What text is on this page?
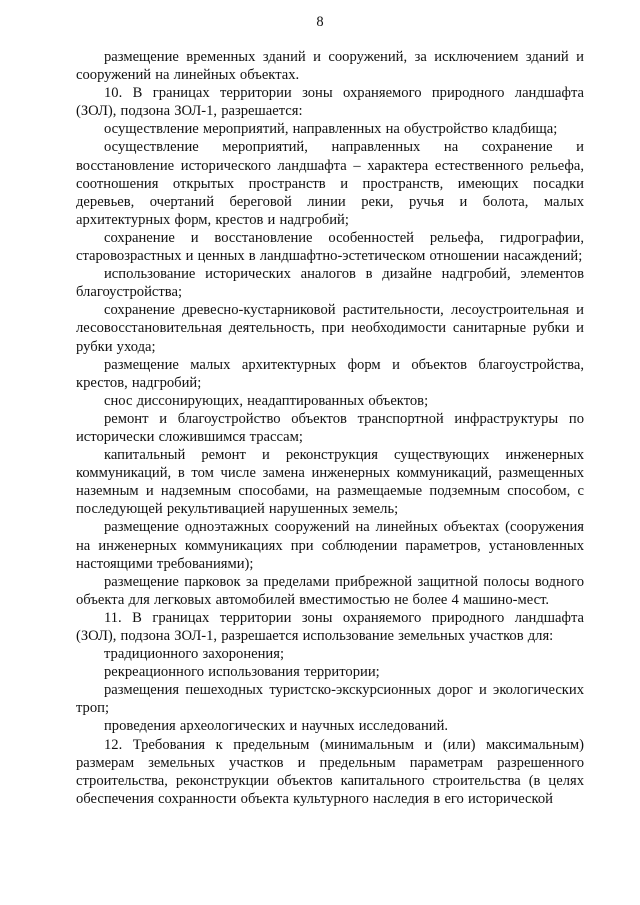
8

размещение временных зданий и сооружений, за исключением зданий и сооружений на линейных объектах.

10. В границах территории зоны охраняемого природного ландшафта (ЗОЛ), подзона ЗОЛ-1, разрешается:

осуществление мероприятий, направленных на обустройство кладбища;

осуществление мероприятий, направленных на сохранение и восстановление исторического ландшафта – характера естественного рельефа, соотношения открытых пространств и пространств, имеющих посадки деревьев, очертаний береговой линии реки, ручья и болота, малых архитектурных форм, крестов и надгробий;

сохранение и восстановление особенностей рельефа, гидрографии, старовозрастных и ценных в ландшафтно-эстетическом отношении насаждений;

использование исторических аналогов в дизайне надгробий, элементов благоустройства;

сохранение древесно-кустарниковой растительности, лесоустроительная и лесовосстановительная деятельность, при необходимости санитарные рубки и рубки ухода;

размещение малых архитектурных форм и объектов благоустройства, крестов, надгробий;

снос диссонирующих, неадаптированных объектов;

ремонт и благоустройство объектов транспортной инфраструктуры по исторически сложившимся трассам;

капитальный ремонт и реконструкция существующих инженерных коммуникаций, в том числе замена инженерных коммуникаций, размещенных наземным и надземным способами, на размещаемые подземным способом, с последующей рекультивацией нарушенных земель;

размещение одноэтажных сооружений на линейных объектах (сооружения на инженерных коммуникациях при соблюдении параметров, установленных настоящими требованиями);

размещение парковок за пределами прибрежной защитной полосы водного объекта для легковых автомобилей вместимостью не более 4 машино-мест.

11. В границах территории зоны охраняемого природного ландшафта (ЗОЛ), подзона ЗОЛ-1, разрешается использование земельных участков для:

традиционного захоронения;

рекреационного использования территории;

размещения пешеходных туристско-экскурсионных дорог и экологических троп;

проведения археологических и научных исследований.

12. Требования к предельным (минимальным и (или) максимальным) размерам земельных участков и предельным параметрам разрешенного строительства, реконструкции объектов капитального строительства (в целях обеспечения сохранности объекта культурного наследия в его исторической
